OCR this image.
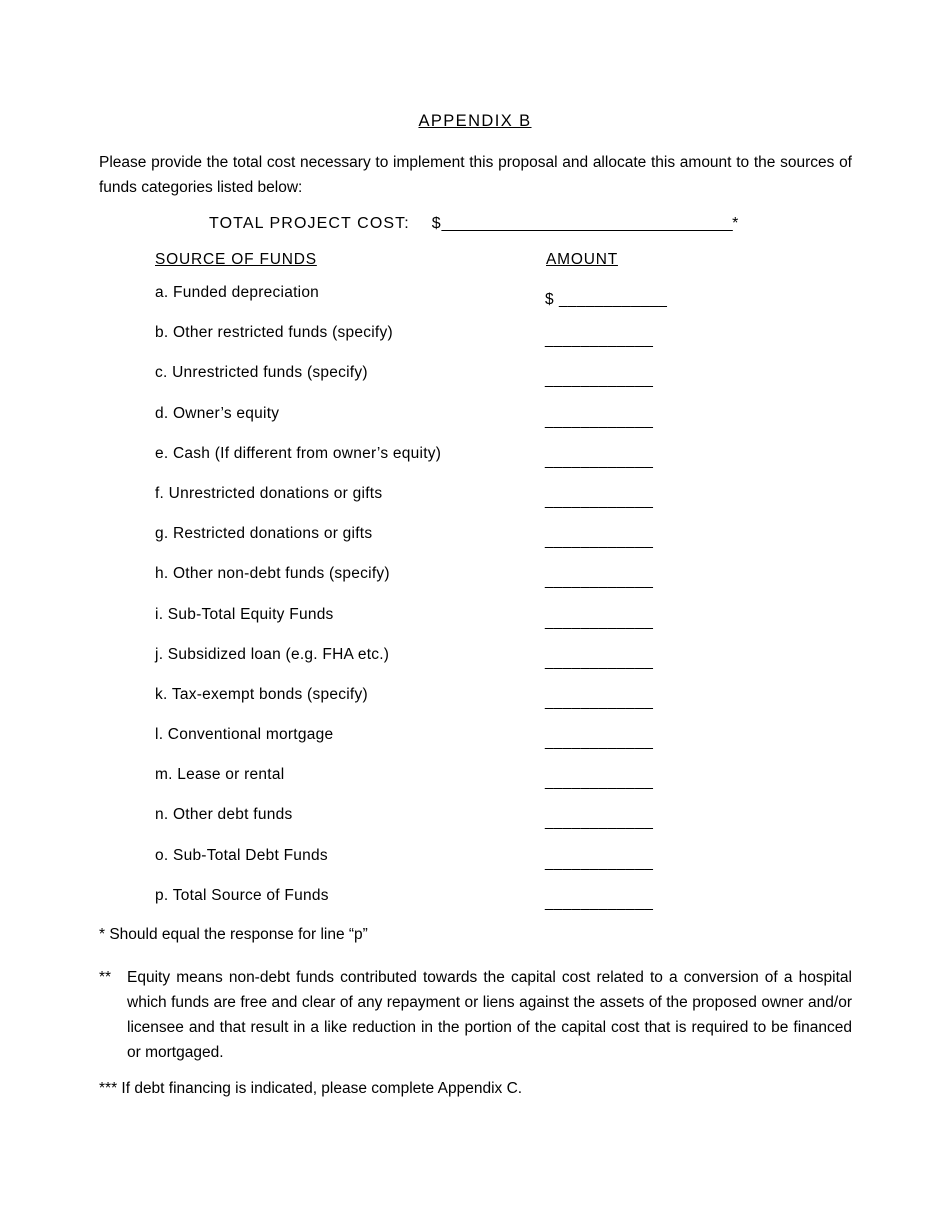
APPENDIX B
Please provide the total cost necessary to implement this proposal and allocate this amount to the sources of funds categories listed below:
TOTAL PROJECT COST: $___________________________________*
SOURCE OF FUNDS	AMOUNT
a. Funded depreciation	$ ____________
b. Other restricted funds (specify)	____________
c. Unrestricted funds (specify)	____________
d. Owner’s equity	____________
e. Cash (If different from owner’s equity)	____________
f. Unrestricted donations or gifts	____________
g. Restricted donations or gifts	____________
h. Other non-debt funds (specify)	____________
i. Sub-Total Equity Funds	____________
j. Subsidized loan (e.g. FHA etc.)	____________
k. Tax-exempt bonds (specify)	____________
l. Conventional mortgage	____________
m. Lease or rental	____________
n. Other debt funds	____________
o. Sub-Total Debt Funds	____________
p. Total Source of Funds	____________
* Should equal the response for line “p”
**	Equity means non-debt funds contributed towards the capital cost related to a conversion of a hospital which funds are free and clear of any repayment or liens against the assets of the proposed owner and/or licensee and that result in a like reduction in the portion of the capital cost that is required to be financed or mortgaged.
*** If debt financing is indicated, please complete Appendix C.
